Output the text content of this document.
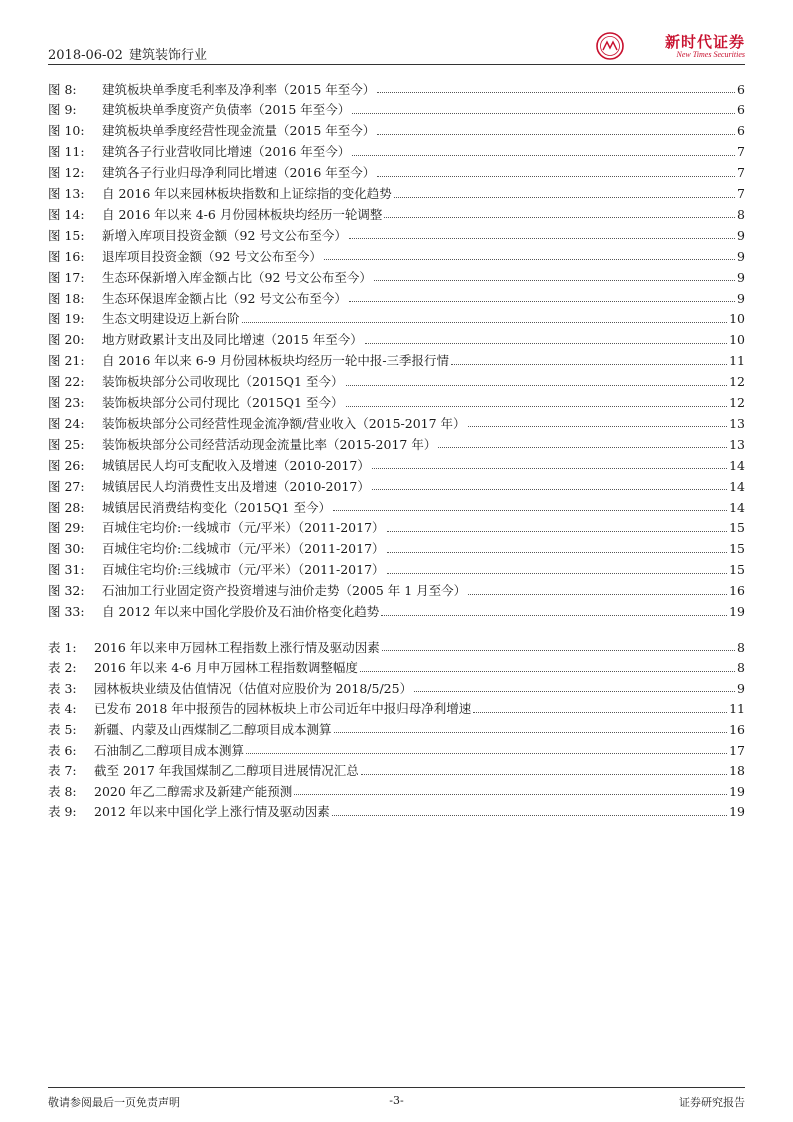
2018-06-02 建筑装饰行业
新时代证券
New Times Securities
图 8:	建筑板块单季度毛利率及净利率（2015 年至今）	6
图 9:	建筑板块单季度资产负债率（2015 年至今）	6
图 10:	建筑板块单季度经营性现金流量（2015 年至今）	6
图 11:	建筑各子行业营收同比增速（2016 年至今）	7
图 12:	建筑各子行业归母净利同比增速（2016 年至今）	7
图 13:	自 2016 年以来园林板块指数和上证综指的变化趋势	7
图 14:	自 2016 年以来 4-6 月份园林板块均经历一轮调整	8
图 15:	新增入库项目投资金额（92 号文公布至今）	9
图 16:	退库项目投资金额（92 号文公布至今）	9
图 17:	生态环保新增入库金额占比（92 号文公布至今）	9
图 18:	生态环保退库金额占比（92 号文公布至今）	9
图 19:	生态文明建设迈上新台阶	10
图 20:	地方财政累计支出及同比增速（2015 年至今）	10
图 21:	自 2016 年以来 6-9 月份园林板块均经历一轮中报-三季报行情	11
图 22:	装饰板块部分公司收现比（2015Q1 至今）	12
图 23:	装饰板块部分公司付现比（2015Q1 至今）	12
图 24:	装饰板块部分公司经营性现金流净额/营业收入（2015-2017 年）	13
图 25:	装饰板块部分公司经营活动现金流量比率（2015-2017 年）	13
图 26:	城镇居民人均可支配收入及增速（2010-2017）	14
图 27:	城镇居民人均消费性支出及增速（2010-2017）	14
图 28:	城镇居民消费结构变化（2015Q1 至今）	14
图 29:	百城住宅均价:一线城市（元/平米）（2011-2017）	15
图 30:	百城住宅均价:二线城市（元/平米）（2011-2017）	15
图 31:	百城住宅均价:三线城市（元/平米）（2011-2017）	15
图 32:	石油加工行业固定资产投资增速与油价走势（2005 年 1 月至今）	16
图 33:	自 2012 年以来中国化学股价及石油价格变化趋势	19
表 1:	2016 年以来申万园林工程指数上涨行情及驱动因素	8
表 2:	2016 年以来 4-6 月申万园林工程指数调整幅度	8
表 3:	园林板块业绩及估值情况（估值对应股价为 2018/5/25）	9
表 4:	已发布 2018 年中报预告的园林板块上市公司近年中报归母净利增速	11
表 5:	新疆、内蒙及山西煤制乙二醇项目成本测算	16
表 6:	石油制乙二醇项目成本测算	17
表 7:	截至 2017 年我国煤制乙二醇项目进展情况汇总	18
表 8:	2020 年乙二醇需求及新建产能预测	19
表 9:	2012 年以来中国化学上涨行情及驱动因素	19
敬请参阅最后一页免责声明	-3-	证券研究报告
